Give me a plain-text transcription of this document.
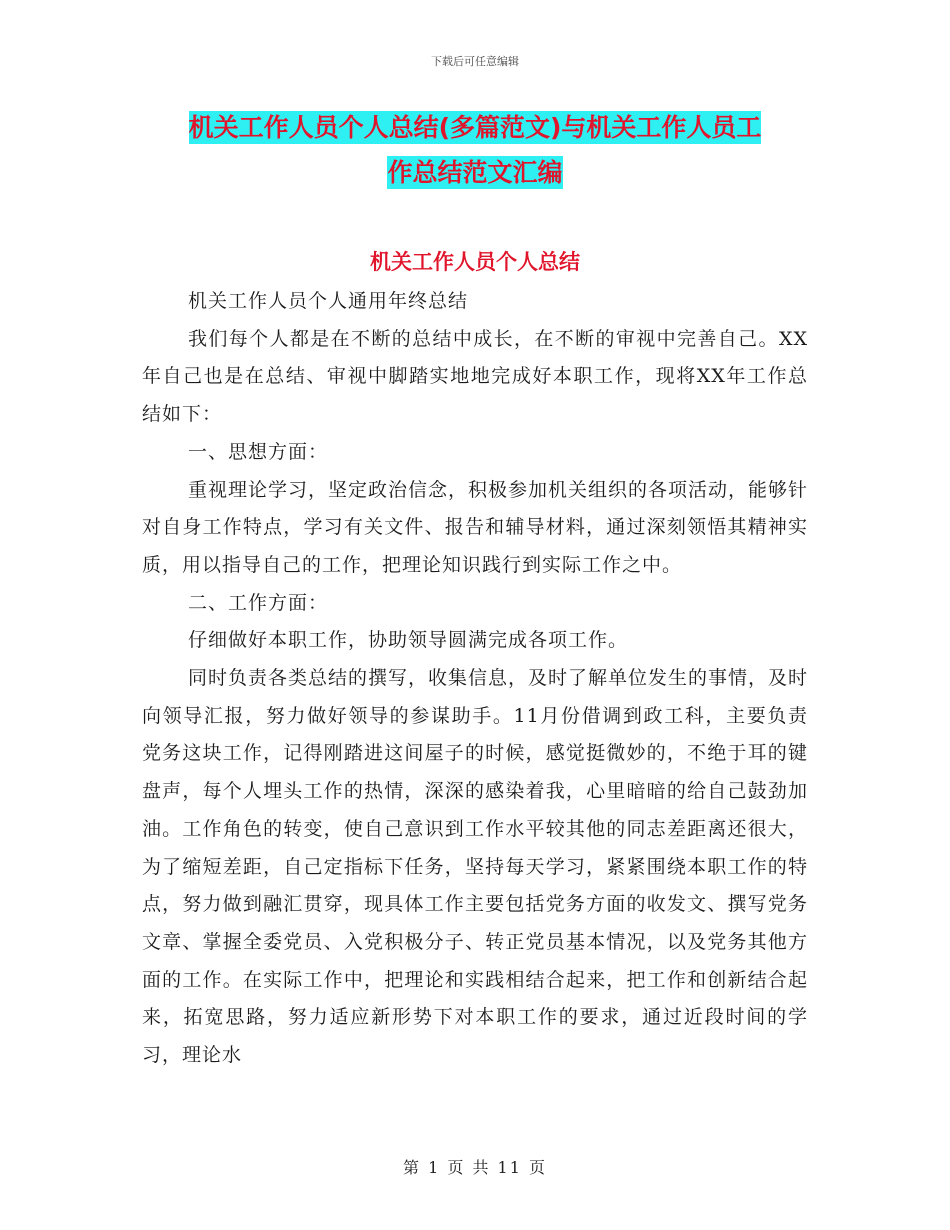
下载后可任意编辑
机关工作人员个人总结(多篇范文)与机关工作人员工
作总结范文汇编
机关工作人员个人总结

机关工作人员个人通用年终总结

我们每个人都是在不断的总结中成长，在不断的审视中完善自己。XX年自己也是在总结、审视中脚踏实地地完成好本职工作，现将XX年工作总结如下：

一、思想方面：

重视理论学习，坚定政治信念，积极参加机关组织的各项活动，能够针对自身工作特点，学习有关文件、报告和辅导材料，通过深刻领悟其精神实质，用以指导自己的工作，把理论知识践行到实际工作之中。

二、工作方面：

仔细做好本职工作，协助领导圆满完成各项工作。

同时负责各类总结的撰写，收集信息，及时了解单位发生的事情，及时向领导汇报，努力做好领导的参谋助手。11月份借调到政工科，主要负责党务这块工作，记得刚踏进这间屋子的时候，感觉挺微妙的，不绝于耳的键盘声，每个人埋头工作的热情，深深的感染着我，心里暗暗的给自己鼓劲加油。工作角色的转变，使自己意识到工作水平较其他的同志差距离还很大，为了缩短差距，自己定指标下任务，坚持每天学习，紧紧围绕本职工作的特点，努力做到融汇贯穿，现具体工作主要包括党务方面的收发文、撰写党务文章、掌握全委党员、入党积极分子、转正党员基本情况，以及党务其他方面的工作。在实际工作中，把理论和实践相结合起来，把工作和创新结合起来，拓宽思路，努力适应新形势下对本职工作的要求，通过近段时间的学习，理论水

第 1 页 共 11 页
